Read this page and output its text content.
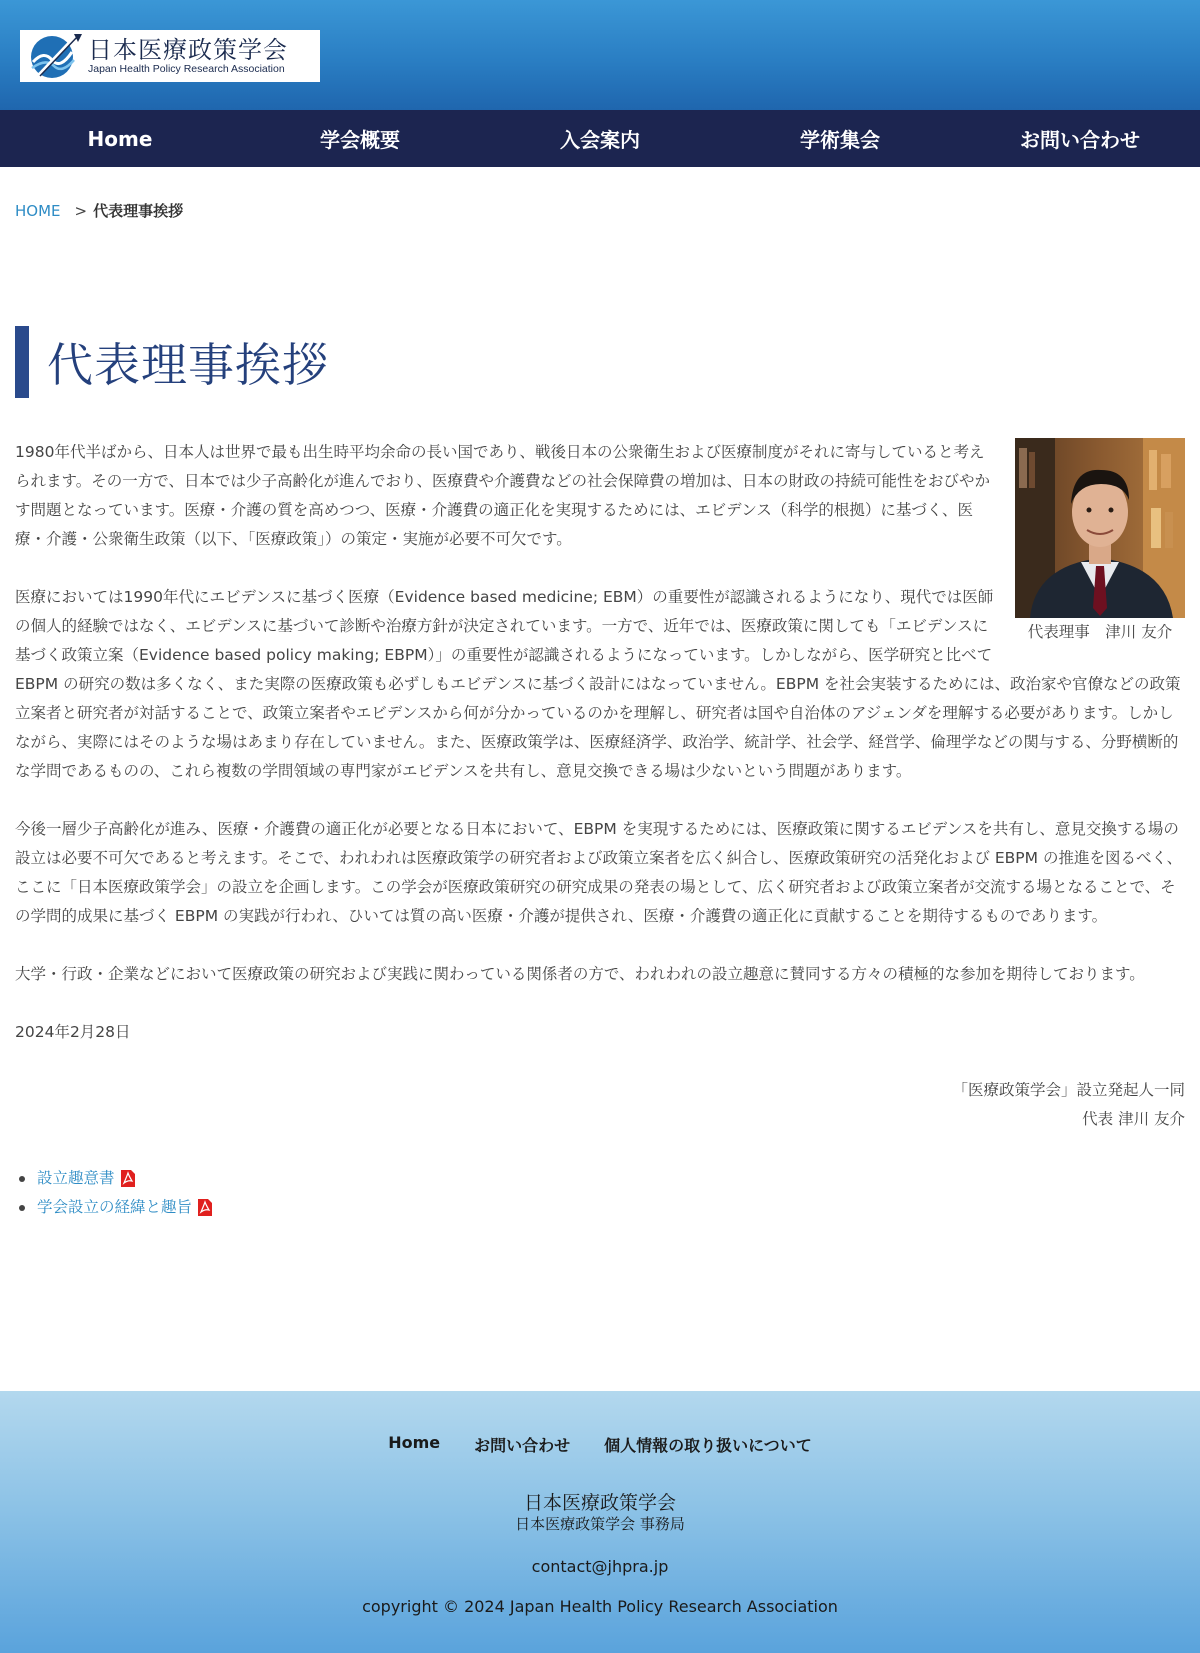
日本医療政策学会
Japan Health Policy Research Association
Home	学会概要	入会案内	学術集会	お問い合わせ
HOME > 代表理事挨拶
代表理事挨拶
代表理事　津川 友介

1980年代半ばから、日本人は世界で最も出生時平均余命の長い国であり、戦後日本の公衆衛生および医療制度がそれに寄与していると考えられます。その一方で、日本では少子高齢化が進んでおり、医療費や介護費などの社会保障費の増加は、日本の財政の持続可能性をおびやかす問題となっています。医療・介護の質を高めつつ、医療・介護費の適正化を実現するためには、エビデンス（科学的根拠）に基づく、医療・介護・公衆衛生政策（以下、「医療政策」）の策定・実施が必要不可欠です。

医療においては1990年代にエビデンスに基づく医療（Evidence based medicine; EBM）の重要性が認識されるようになり、現代では医師の個人的経験ではなく、エビデンスに基づいて診断や治療方針が決定されています。一方で、近年では、医療政策に関しても「エビデンスに基づく政策立案（Evidence based policy making; EBPM）」の重要性が認識されるようになっています。しかしながら、医学研究と比べて EBPM の研究の数は多くなく、また実際の医療政策も必ずしもエビデンスに基づく設計にはなっていません。EBPM を社会実装するためには、政治家や官僚などの政策立案者と研究者が対話することで、政策立案者やエビデンスから何が分かっているのかを理解し、研究者は国や自治体のアジェンダを理解する必要があります。しかしながら、実際にはそのような場はあまり存在していません。また、医療政策学は、医療経済学、政治学、統計学、社会学、経営学、倫理学などの関与する、分野横断的な学問であるものの、これら複数の学問領域の専門家がエビデンスを共有し、意見交換できる場は少ないという問題があります。

今後一層少子高齢化が進み、医療・介護費の適正化が必要となる日本において、EBPM を実現するためには、医療政策に関するエビデンスを共有し、意見交換する場の設立は必要不可欠であると考えます。そこで、われわれは医療政策学の研究者および政策立案者を広く糾合し、医療政策研究の活発化および EBPM の推進を図るべく、ここに「日本医療政策学会」の設立を企画します。この学会が医療政策研究の研究成果の発表の場として、広く研究者および政策立案者が交流する場となることで、その学問的成果に基づく EBPM の実践が行われ、ひいては質の高い医療・介護が提供され、医療・介護費の適正化に貢献することを期待するものであります。

大学・行政・企業などにおいて医療政策の研究および実践に関わっている関係者の方で、われわれの設立趣意に賛同する方々の積極的な参加を期待しております。

2024年2月28日
「医療政策学会」設立発起人一同
代表 津川 友介
設立趣意書
学会設立の経緯と趣旨
Home お問い合わせ 個人情報の取り扱いについて
日本医療政策学会
日本医療政策学会 事務局
contact@jhpra.jp
copyright © 2024 Japan Health Policy Research Association
